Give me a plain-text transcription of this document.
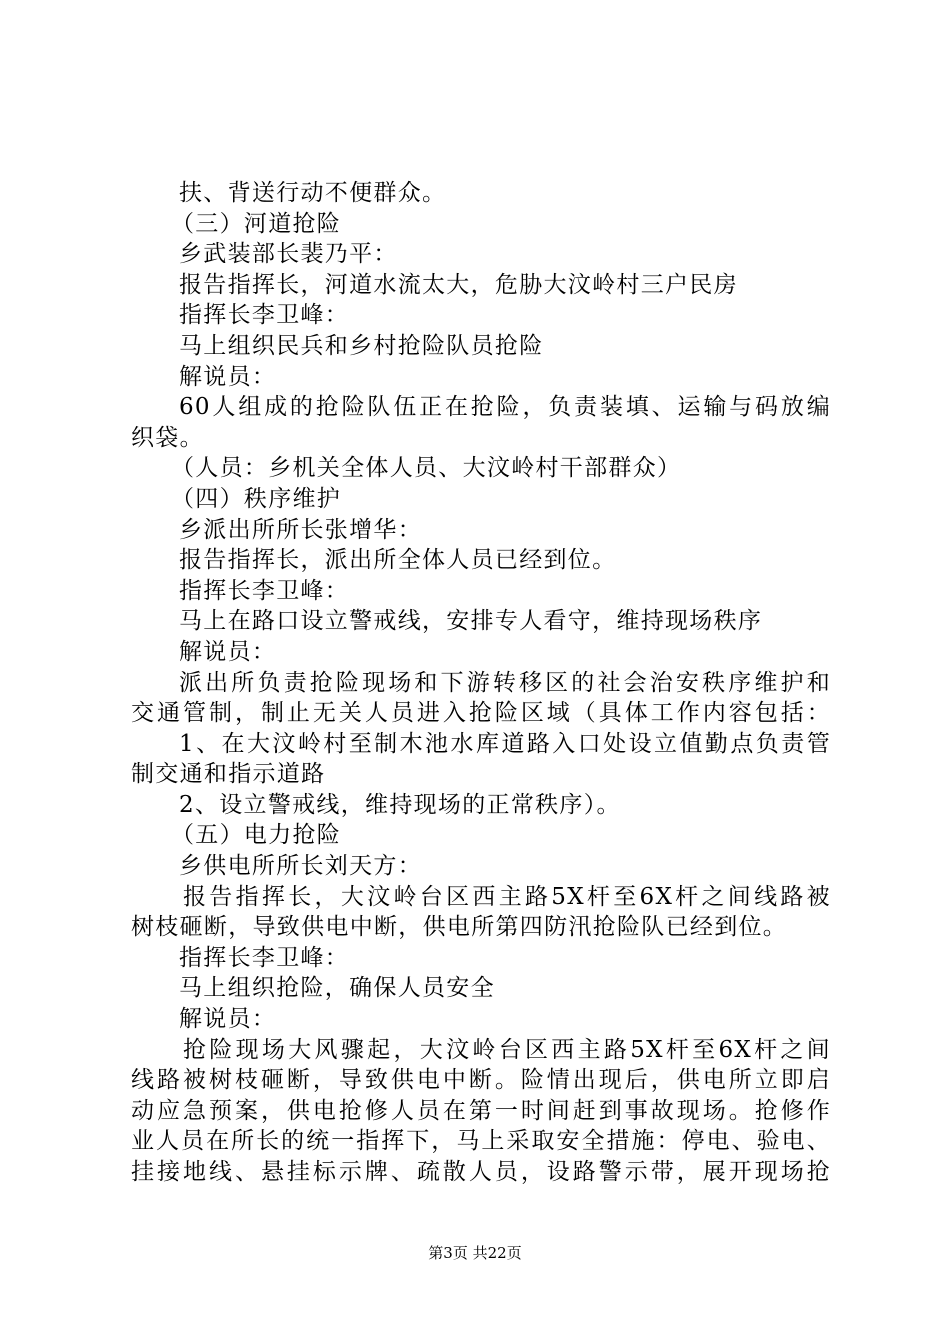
扶、背送行动不便群众。
（三）河道抢险
乡武装部长裴乃平：
报告指挥长，河道水流太大，危胁大汶岭村三户民房
指挥长李卫峰：
马上组织民兵和乡村抢险队员抢险
解说员：
60人组成的抢险队伍正在抢险，负责装填、运输与码放编
织袋。
（人员：乡机关全体人员、大汶岭村干部群众）
（四）秩序维护
乡派出所所长张增华：
报告指挥长，派出所全体人员已经到位。
指挥长李卫峰：
马上在路口设立警戒线，安排专人看守，维持现场秩序
解说员：
派出所负责抢险现场和下游转移区的社会治安秩序维护和
交通管制，制止无关人员进入抢险区域（具体工作内容包括：
1、在大汶岭村至制木池水库道路入口处设立值勤点负责管
制交通和指示道路
2、设立警戒线，维持现场的正常秩序）。
（五）电力抢险
乡供电所所长刘天方：
报告指挥长，大汶岭台区西主路5X杆至6X杆之间线路被
树枝砸断，导致供电中断，供电所第四防汛抢险队已经到位。
指挥长李卫峰：
马上组织抢险，确保人员安全
解说员：
抢险现场大风骤起，大汶岭台区西主路5X杆至6X杆之间
线路被树枝砸断，导致供电中断。险情出现后，供电所立即启
动应急预案，供电抢修人员在第一时间赶到事故现场。抢修作
业人员在所长的统一指挥下，马上采取安全措施：停电、验电、
挂接地线、悬挂标示牌、疏散人员，设路警示带，展开现场抢
第3页 共22页
